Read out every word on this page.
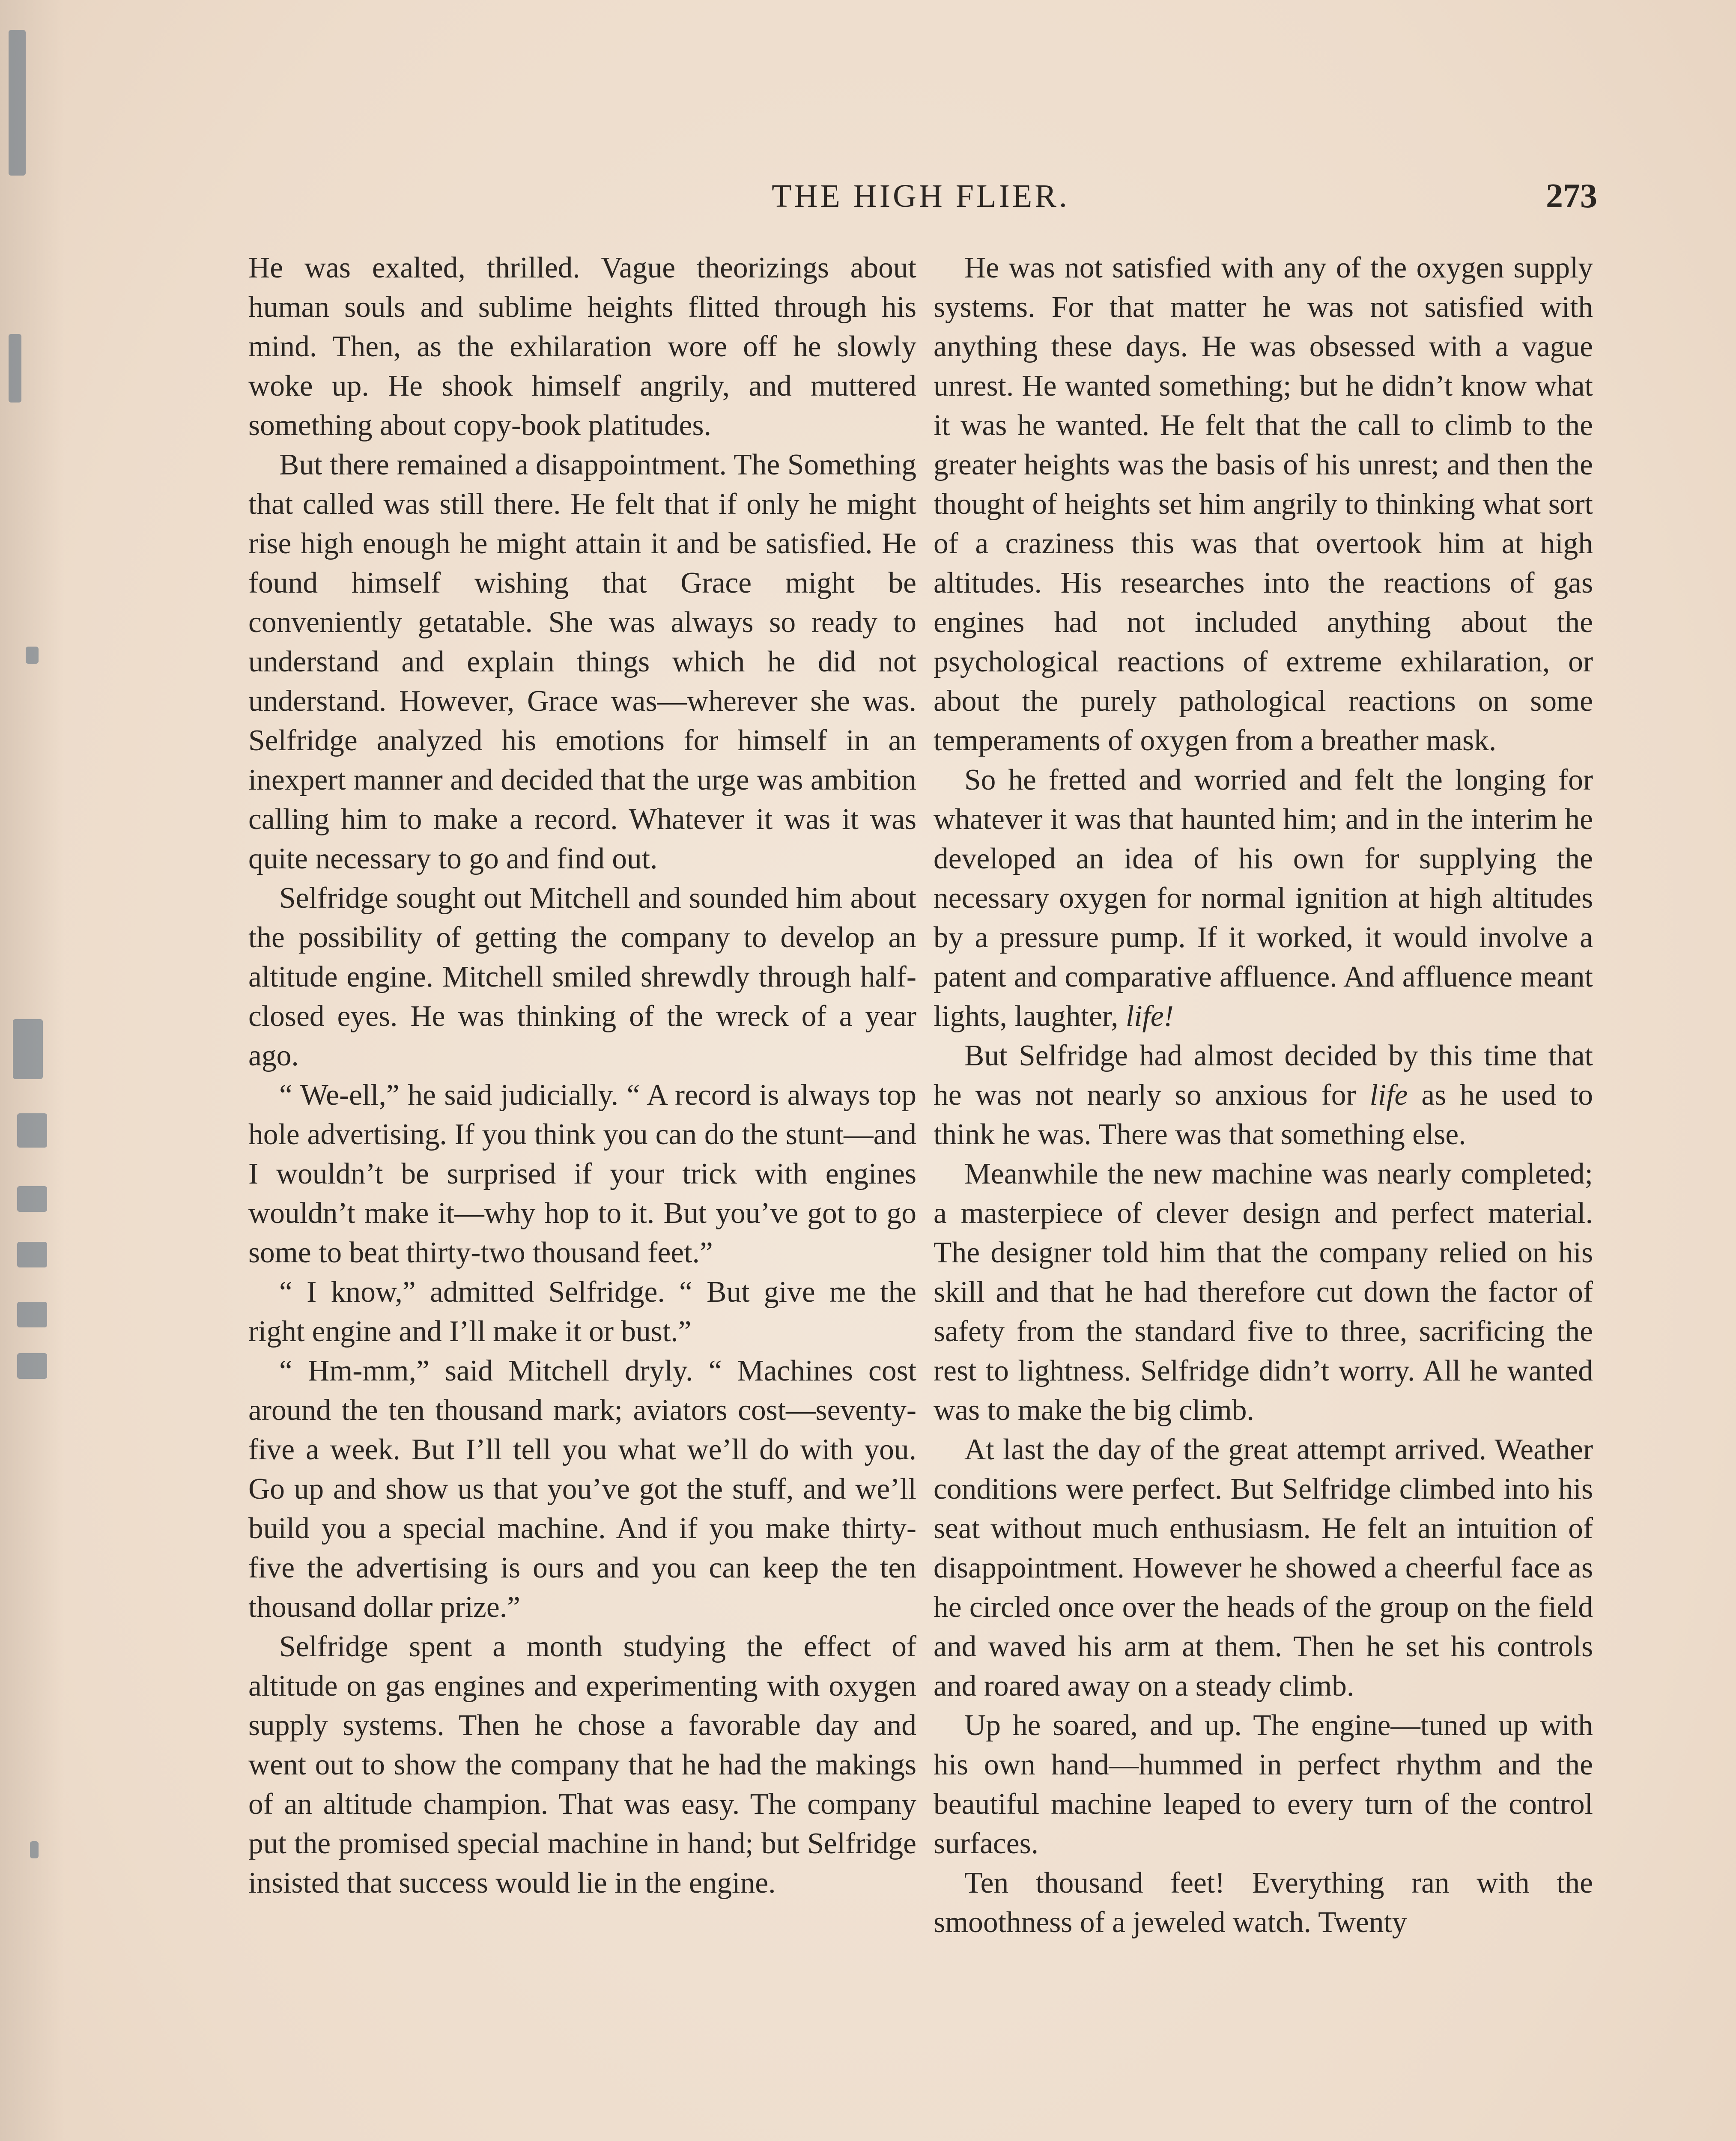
THE HIGH FLIER.	273

He was exalted, thrilled. Vague theorizings about human souls and sublime heights flitted through his mind. Then, as the exhilaration wore off he slowly woke up. He shook himself angrily, and muttered something about copy-book platitudes.

But there remained a disappointment. The Something that called was still there. He felt that if only he might rise high enough he might attain it and be satisfied. He found himself wishing that Grace might be conveniently getatable. She was always so ready to understand and explain things which he did not understand. However, Grace was—wherever she was. Selfridge analyzed his emotions for himself in an inexpert manner and decided that the urge was ambition calling him to make a record. Whatever it was it was quite necessary to go and find out.

Selfridge sought out Mitchell and sounded him about the possibility of getting the company to develop an altitude engine. Mitchell smiled shrewdly through half-closed eyes. He was thinking of the wreck of a year ago.

“ We-ell,” he said judicially. “ A record is always top hole advertising. If you think you can do the stunt—and I wouldn’t be surprised if your trick with engines wouldn’t make it—why hop to it. But you’ve got to go some to beat thirty-two thousand feet.”

“ I know,” admitted Selfridge. “ But give me the right engine and I’ll make it or bust.”

“ Hm-mm,” said Mitchell dryly. “ Machines cost around the ten thousand mark; aviators cost—seventy-five a week. But I’ll tell you what we’ll do with you. Go up and show us that you’ve got the stuff, and we’ll build you a special machine. And if you make thirty-five the advertising is ours and you can keep the ten thousand dollar prize.”

Selfridge spent a month studying the effect of altitude on gas engines and experimenting with oxygen supply systems. Then he chose a favorable day and went out to show the company that he had the makings of an altitude champion. That was easy. The company put the promised special machine in hand; but Selfridge insisted that success would lie in the engine.

He was not satisfied with any of the oxygen supply systems. For that matter he was not satisfied with anything these days. He was obsessed with a vague unrest. He wanted something; but he didn’t know what it was he wanted. He felt that the call to climb to the greater heights was the basis of his unrest; and then the thought of heights set him angrily to thinking what sort of a craziness this was that overtook him at high altitudes. His researches into the reactions of gas engines had not included anything about the psychological reactions of extreme exhilaration, or about the purely pathological reactions on some temperaments of oxygen from a breather mask.

So he fretted and worried and felt the longing for whatever it was that haunted him; and in the interim he developed an idea of his own for supplying the necessary oxygen for normal ignition at high altitudes by a pressure pump. If it worked, it would involve a patent and comparative affluence. And affluence meant lights, laughter, life!

But Selfridge had almost decided by this time that he was not nearly so anxious for life as he used to think he was. There was that something else.

Meanwhile the new machine was nearly completed; a masterpiece of clever design and perfect material. The designer told him that the company relied on his skill and that he had therefore cut down the factor of safety from the standard five to three, sacrificing the rest to lightness. Selfridge didn’t worry. All he wanted was to make the big climb.

At last the day of the great attempt arrived. Weather conditions were perfect. But Selfridge climbed into his seat without much enthusiasm. He felt an intuition of disappointment. However he showed a cheerful face as he circled once over the heads of the group on the field and waved his arm at them. Then he set his controls and roared away on a steady climb.

Up he soared, and up. The engine—tuned up with his own hand—hummed in perfect rhythm and the beautiful machine leaped to every turn of the control surfaces.

Ten thousand feet! Everything ran with the smoothness of a jeweled watch. Twenty
